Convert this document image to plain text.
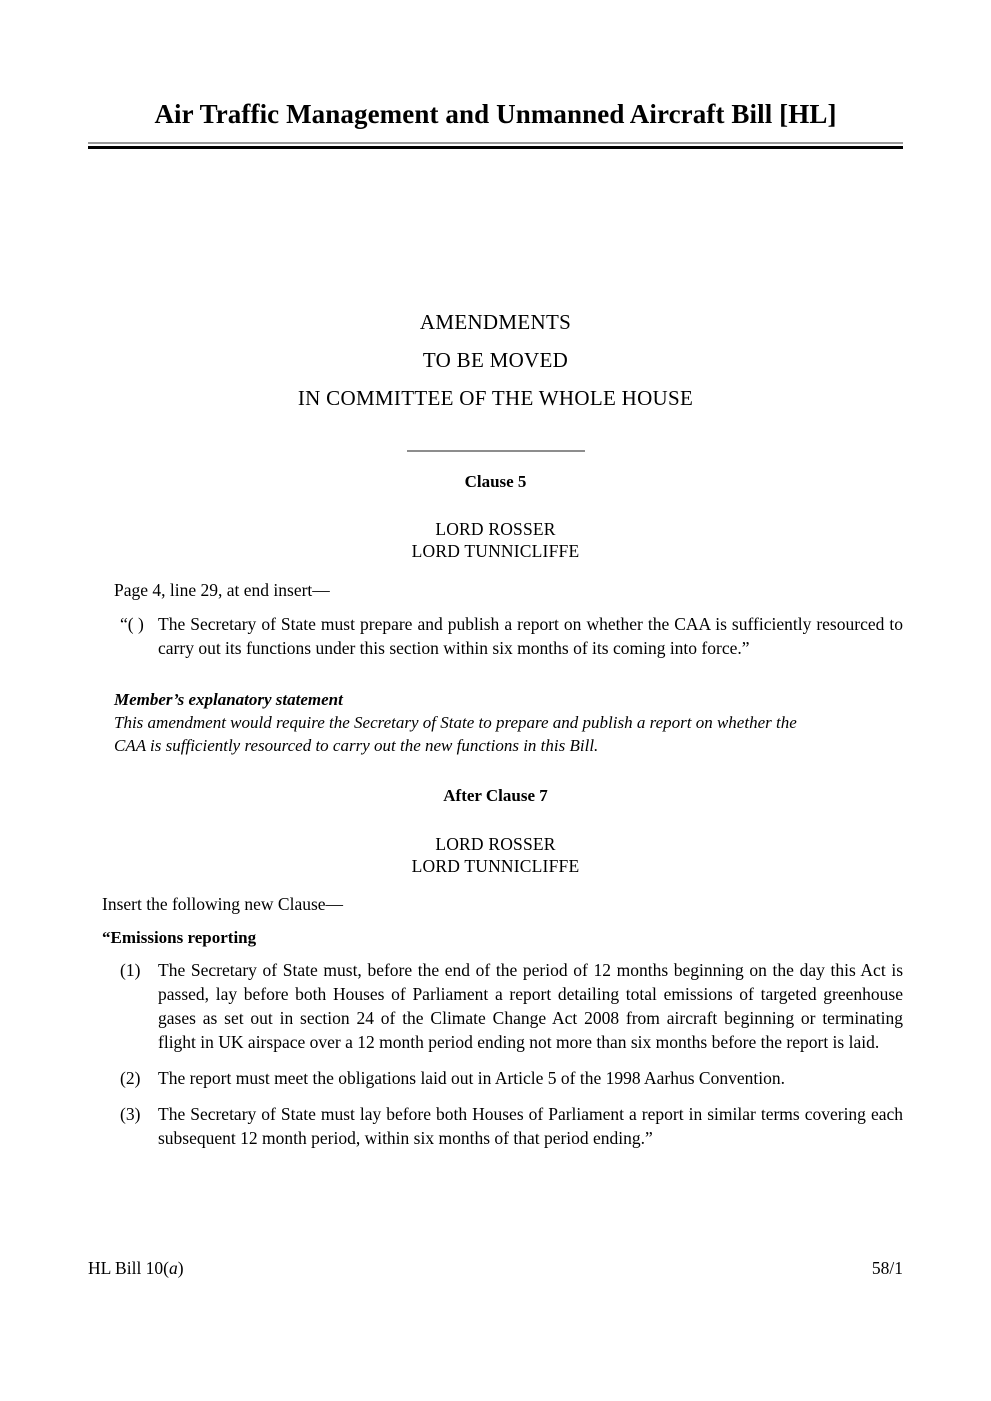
Air Traffic Management and Unmanned Aircraft Bill [HL]
AMENDMENTS
TO BE MOVED
IN COMMITTEE OF THE WHOLE HOUSE
Clause 5
LORD ROSSER
LORD TUNNICLIFFE

Page 4, line 29, at end insert—

“( ) The Secretary of State must prepare and publish a report on whether the CAA is sufficiently resourced to carry out its functions under this section within six months of its coming into force.”
Member’s explanatory statement

This amendment would require the Secretary of State to prepare and publish a report on whether the CAA is sufficiently resourced to carry out the new functions in this Bill.

After Clause 7
LORD ROSSER
LORD TUNNICLIFFE

Insert the following new Clause—

“Emissions reporting

(1)	The Secretary of State must, before the end of the period of 12 months beginning on the day this Act is passed, lay before both Houses of Parliament a report detailing total emissions of targeted greenhouse gases as set out in section 24 of the Climate Change Act 2008 from aircraft beginning or terminating flight in UK airspace over a 12 month period ending not more than six months before the report is laid.
(2)	The report must meet the obligations laid out in Article 5 of the 1998 Aarhus Convention.
(3)	The Secretary of State must lay before both Houses of Parliament a report in similar terms covering each subsequent 12 month period, within six months of that period ending.”
HL Bill 10(a)	58/1
